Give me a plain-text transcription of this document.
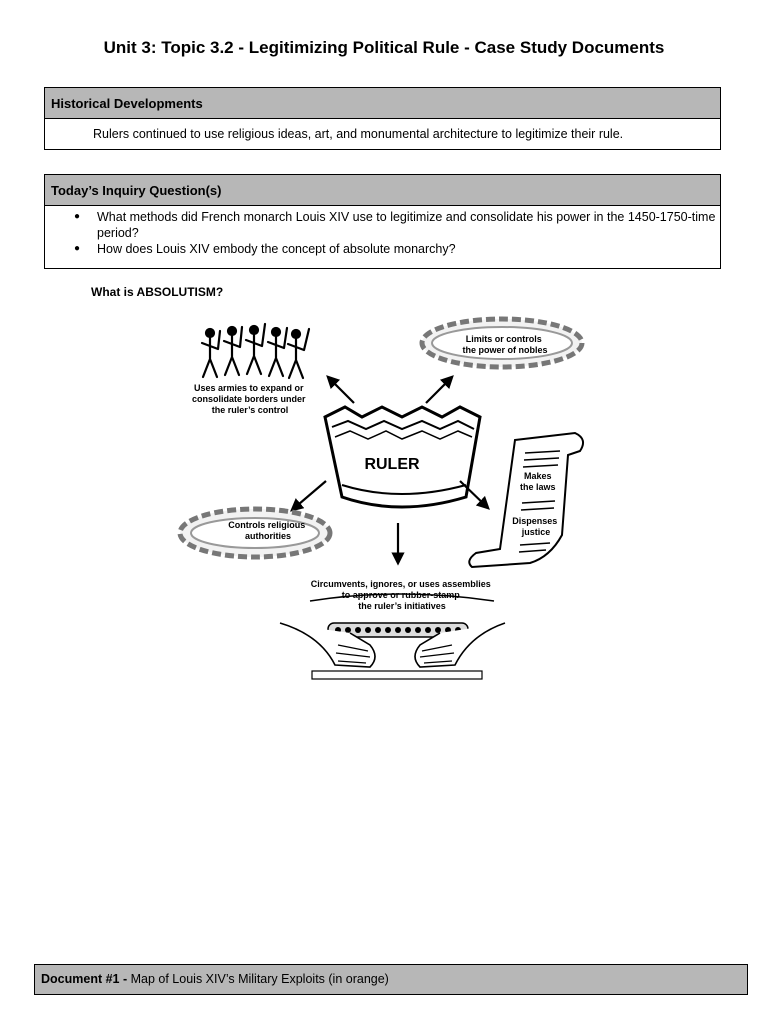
Unit 3: Topic 3.2 - Legitimizing Political Rule - Case Study Documents
Historical Developments
Rulers continued to use religious ideas, art, and monumental architecture to legitimize their rule.
Today’s Inquiry Question(s)
● What methods did French monarch Louis XIV use to legitimize and consolidate his power in the 1450-1750-time period?
● How does Louis XIV embody the concept of absolute monarchy?
What is ABSOLUTISM?
Uses armies to expand or consolidate borders under the ruler’s control
Limits or controls the power of nobles
RULER
Controls religious authorities
Makes the laws Dispenses justice
Circumvents, ignores, or uses assemblies to approve or rubber-stamp the ruler’s initiatives
Document #1 - Map of Louis XIV’s Military Exploits (in orange)
